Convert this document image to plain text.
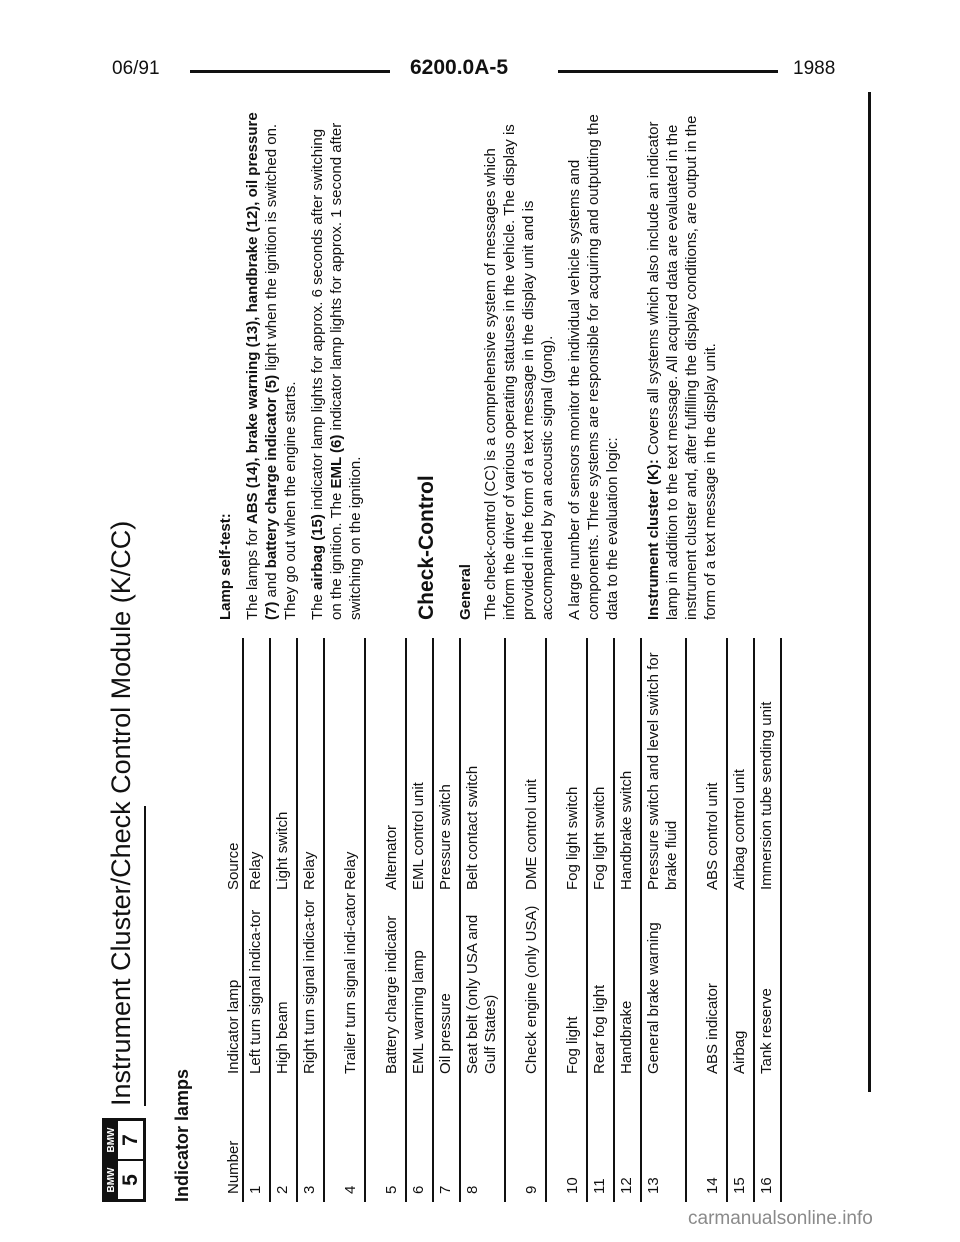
06/91	6200.0A-5	1988
BMW 5
BMW 7
Instrument Cluster/Check Control Module (K/CC)
Indicator lamps Number
Indicator lamp
Source
1
Left turn signal indica-tor
Relay
2
High beam
Light switch
3
Right turn signal indica-tor
Relay
4
Trailer turn signal indi-cator
Relay
5
Battery charge indicator
Alternator
6
EML warning lamp
EML control unit
7
Oil pressure
Pressure switch
8
Seat belt (only USA and Gulf States)
Belt contact switch
9
Check engine (only USA)
DME control unit
10
Fog light
Fog light switch
11
Rear fog light
Fog light switch
12
Handbrake
Handbrake switch
13
General brake warning
Pressure switch and level switch for brake fluid
14
ABS indicator
ABS control unit
15
Airbag
Airbag control unit
16
Tank reserve
Immersion tube sending unit
Lamp self-test: The lamps for ABS (14), brake warning (13), handbrake (12), oil pressure (7) and battery charge indicator (5) light when the ignition is switched on. They go out when the engine starts. The airbag (15) indicator lamp lights for approx. 6 seconds after switching on the ignition. The EML (6) indicator lamp lights for approx. 1 second after switching on the ignition. Check-Control General The check-control (CC) is a comprehensive system of messages which inform the driver of various operating statuses in the vehicle. The display is provided in the form of a text message in the display unit and is accompanied by an acoustic signal (gong). A large number of sensors monitor the individual vehicle systems and components. Three systems are responsible for acquiring and outputting the data to the evaluation logic: Instrument cluster (K): Covers all systems which also include an indicator lamp in addition to the text message. All acquired data are evaluated in the instrument cluster and, after fulfilling the display conditions, are output in the form of a text message in the display unit.

carmanualsonline.info
